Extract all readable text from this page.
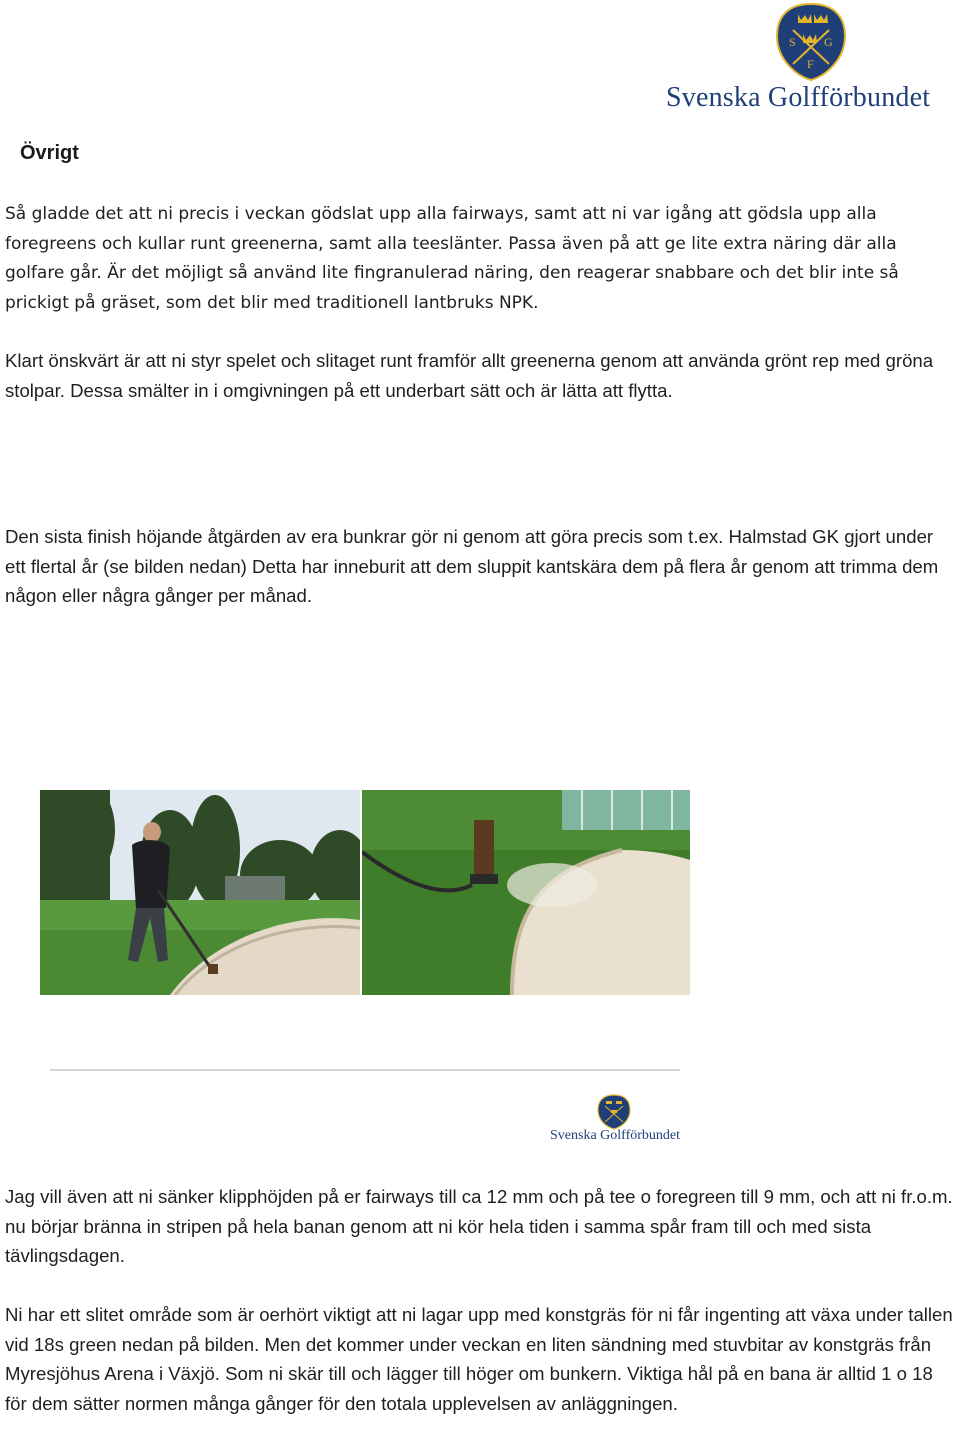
S G
F
Svenska Golfförbundet
Övrigt

Så gladde det att ni precis i veckan gödslat upp alla fairways, samt att ni var igång att gödsla upp alla foregreens och kullar runt greenerna, samt alla teeslänter. Passa även på att ge lite extra näring där alla golfare går. Är det möjligt så använd lite fingranulerad näring, den reagerar snabbare och det blir inte så prickigt på gräset, som det blir med traditionell lantbruks NPK.

Klart önskvärt är att ni styr spelet och slitaget runt framför allt greenerna genom att använda grönt rep med gröna stolpar. Dessa smälter in i omgivningen på ett underbart sätt och är lätta att flytta.

Den sista finish höjande åtgärden av era bunkrar gör ni genom att göra precis som t.ex. Halmstad GK gjort under ett flertal år (se bilden nedan) Detta har inneburit att dem sluppit kantskära dem på flera år genom att trimma dem någon eller några gånger per månad.

Svenska Golfförbundet

Jag vill även att ni sänker klipphöjden på er fairways till ca 12 mm och på tee o foregreen till 9 mm, och att ni fr.o.m. nu börjar bränna in stripen på hela banan genom att ni kör hela tiden i samma spår fram till och med sista tävlingsdagen.

Ni har ett slitet område som är oerhört viktigt att ni lagar upp med konstgräs för ni får ingenting att växa under tallen vid 18s green nedan på bilden. Men det kommer under veckan en liten sändning med stuvbitar av konstgräs från Myresjöhus Arena i Växjö. Som ni skär till och lägger till höger om bunkern. Viktiga hål på en bana är alltid 1 o 18 för dem sätter normen många gånger för den totala upplevelsen av anläggningen.
